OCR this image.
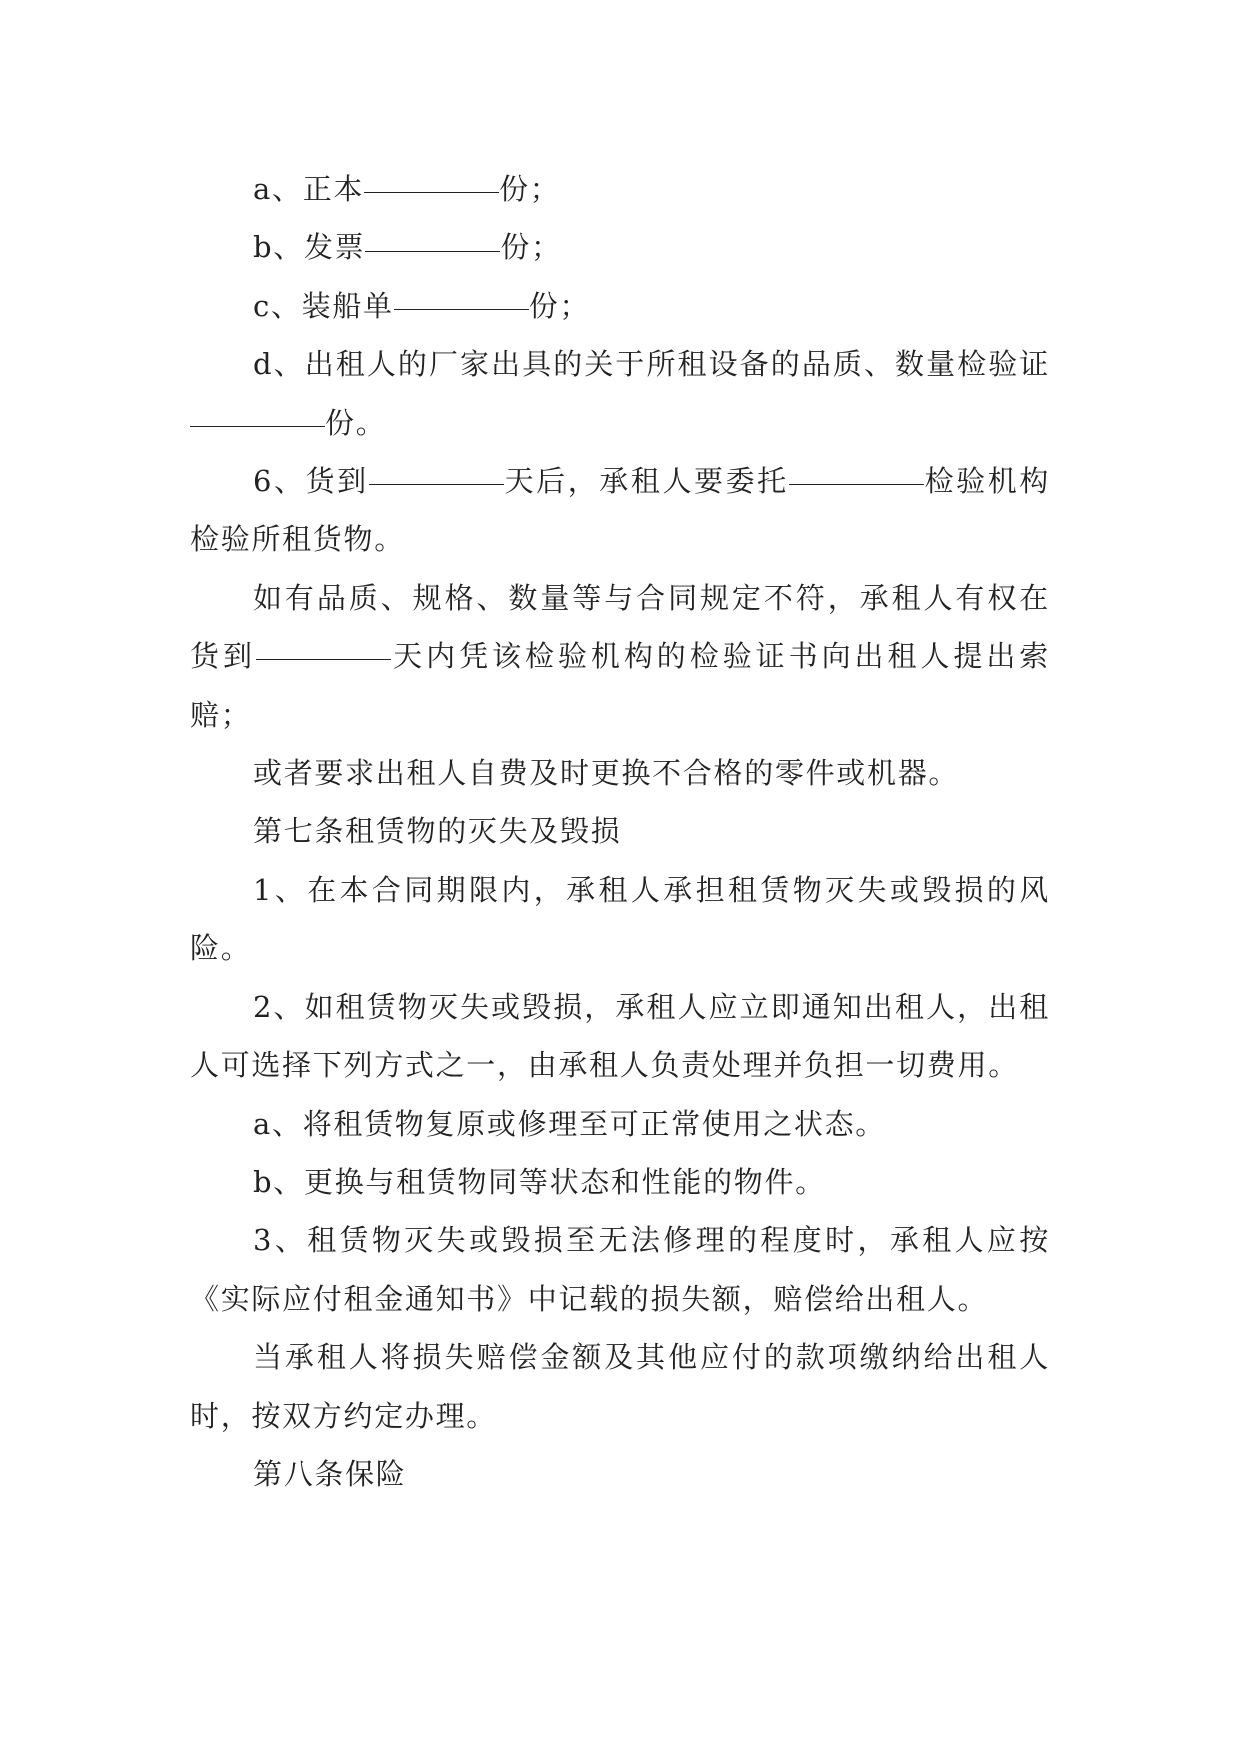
a、正本	份；

b、发票	份；

c、装船单	份；

d、出租人的厂家出具的关于所租设备的品质、数量检验证份。

6、货到	天后，承租人要委托	检验机构检验所租货物。

如有品质、规格、数量等与合同规定不符，承租人有权在货到	天内凭该检验机构的检验证书向出租人提出索赔；

或者要求出租人自费及时更换不合格的零件或机器。

第七条租赁物的灭失及毁损

1、在本合同期限内，承租人承担租赁物灭失或毁损的风险。

2、如租赁物灭失或毁损，承租人应立即通知出租人，出租人可选择下列方式之一，由承租人负责处理并负担一切费用。

a、将租赁物复原或修理至可正常使用之状态。

b、更换与租赁物同等状态和性能的物件。

3、租赁物灭失或毁损至无法修理的程度时，承租人应按《实际应付租金通知书》中记载的损失额，赔偿给出租人。

当承租人将损失赔偿金额及其他应付的款项缴纳给出租人时，按双方约定办理。

第八条保险
